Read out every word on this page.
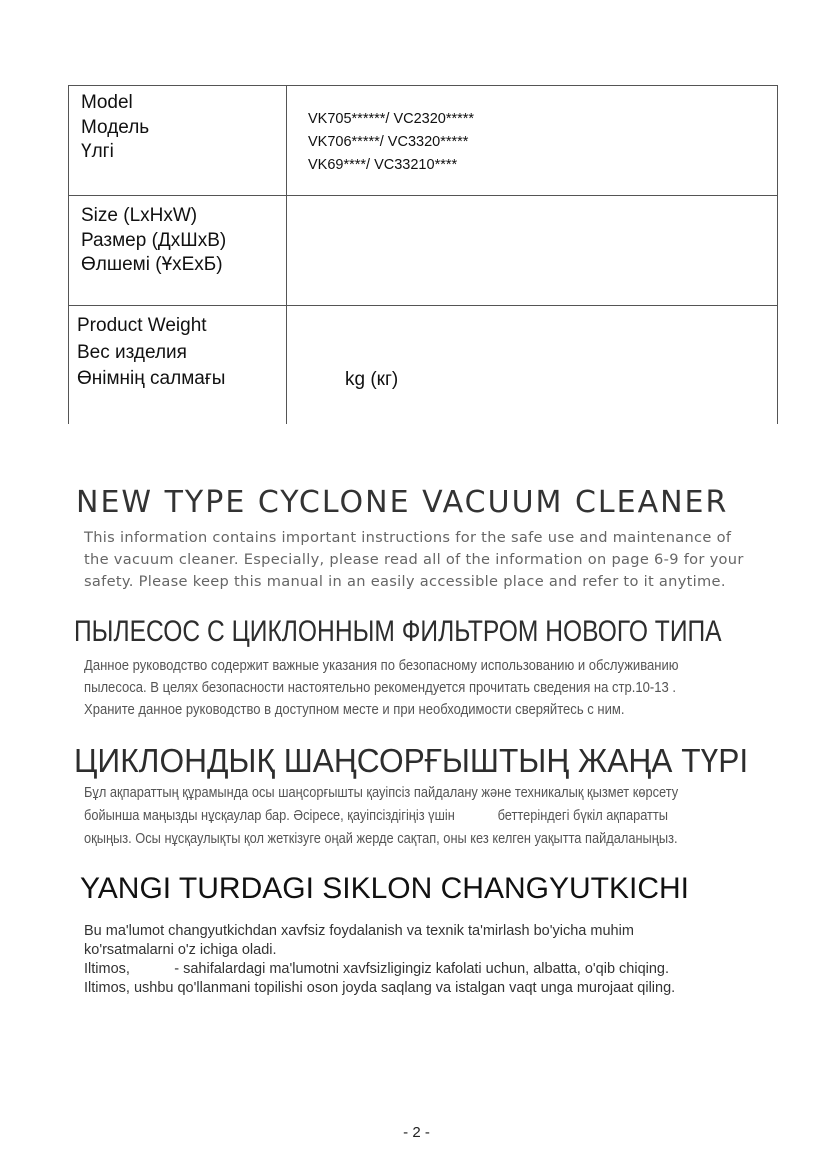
Model
Модель
Үлгі
VK705******/ VC2320*****
VK706*****/ VC3320*****
VK69****/ VC33210****
Size (LxHxW)
Размер (ДхШхВ)
Өлшемі (ҰхЕхБ)
Product Weight
Вес изделия
Өнімнің салмағы	kg (кг)
NEW TYPE CYCLONE VACUUM CLEANER
This information contains important instructions for the safe use and maintenance of
the vacuum cleaner. Especially, please read all of the information on page 6-9 for your
safety. Please keep this manual in an easily accessible place and refer to it anytime.
ПЫЛЕСОС С ЦИКЛОННЫМ ФИЛЬТРОМ НОВОГО ТИПА
Данное руководство содержит важные указания по безопасному использованию и обслуживанию
пылесоса. В целях безопасности настоятельно рекомендуется прочитать сведения на стр.10-13 .
Храните данное руководство в доступном месте и при необходимости сверяйтесь с ним.
ЦИКЛОНДЫҚ ШАҢСОРҒЫШТЫҢ ЖАҢА ТҮРІ
Бұл ақпараттың құрамында осы шаңсорғышты қауіпсіз пайдалану және техникалық қызмет көрсету
бойынша маңызды нұсқаулар бар. Әсіресе, қауіпсіздігіңіз үшін            беттеріндегі бүкіл ақпаратты
оқыңыз. Осы нұсқаулықты қол жеткізуге оңай жерде сақтап, оны кез келген уақытта пайдаланыңыз.
YANGI TURDAGI SIKLON CHANGYUTKICHI
Bu ma'lumot changyutkichdan xavfsiz foydalanish va texnik ta'mirlash bo'yicha muhim
ko'rsatmalarni o'z ichiga oladi.
Iltimos,           - sahifalardagi ma'lumotni xavfsizligingiz kafolati uchun, albatta, o'qib chiqing.
Iltimos, ushbu qo'llanmani topilishi oson joyda saqlang va istalgan vaqt unga murojaat qiling.
- 2 -
